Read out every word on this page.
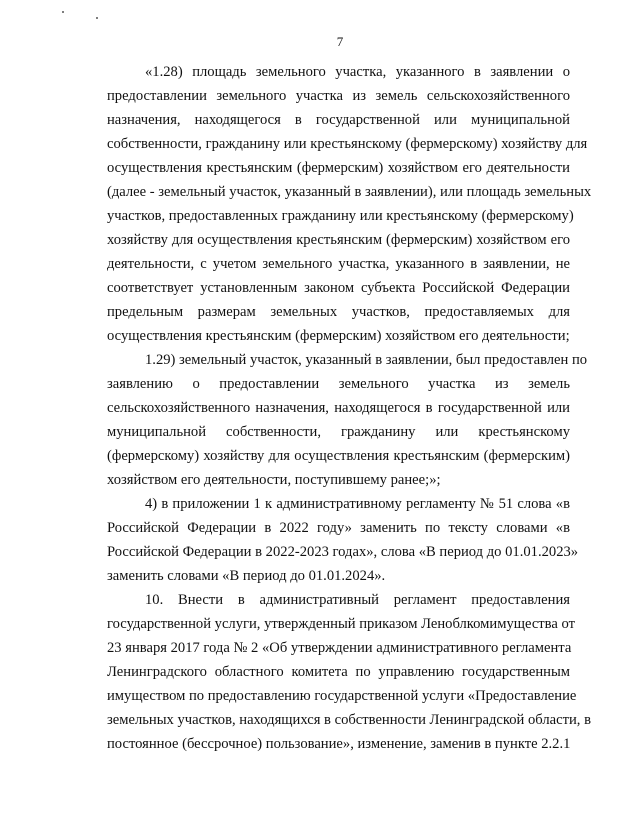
7
«1.28) площадь земельного участка, указанного в заявлении о
предоставлении земельного участка из земель сельскохозяйственного
назначения, находящегося в государственной или муниципальной
собственности, гражданину или крестьянскому (фермерскому) хозяйству для
осуществления крестьянским (фермерским) хозяйством его деятельности
(далее - земельный участок, указанный в заявлении), или площадь земельных
участков, предоставленных гражданину или крестьянскому (фермерскому)
хозяйству для осуществления крестьянским (фермерским) хозяйством его
деятельности, с учетом земельного участка, указанного в заявлении, не
соответствует установленным законом субъекта Российской Федерации
предельным размерам земельных участков, предоставляемых для
осуществления крестьянским (фермерским) хозяйством его деятельности;
1.29) земельный участок, указанный в заявлении, был предоставлен по
заявлению о предоставлении земельного участка из земель
сельскохозяйственного назначения, находящегося в государственной или
муниципальной собственности, гражданину или крестьянскому
(фермерскому) хозяйству для осуществления крестьянским (фермерским)
хозяйством его деятельности, поступившему ранее;»;
4) в приложении 1 к административному регламенту № 51 слова «в
Российской Федерации в 2022 году» заменить по тексту словами «в
Российской Федерации в 2022-2023 годах», слова «В период до 01.01.2023»
заменить словами «В период до 01.01.2024».
10. Внести в административный регламент предоставления
государственной услуги, утвержденный приказом Леноблкомимущества от
23 января 2017 года № 2 «Об утверждении административного регламента
Ленинградского областного комитета по управлению государственным
имуществом по предоставлению государственной услуги «Предоставление
земельных участков, находящихся в собственности Ленинградской области, в
постоянное (бессрочное) пользование», изменение, заменив в пункте 2.2.1
